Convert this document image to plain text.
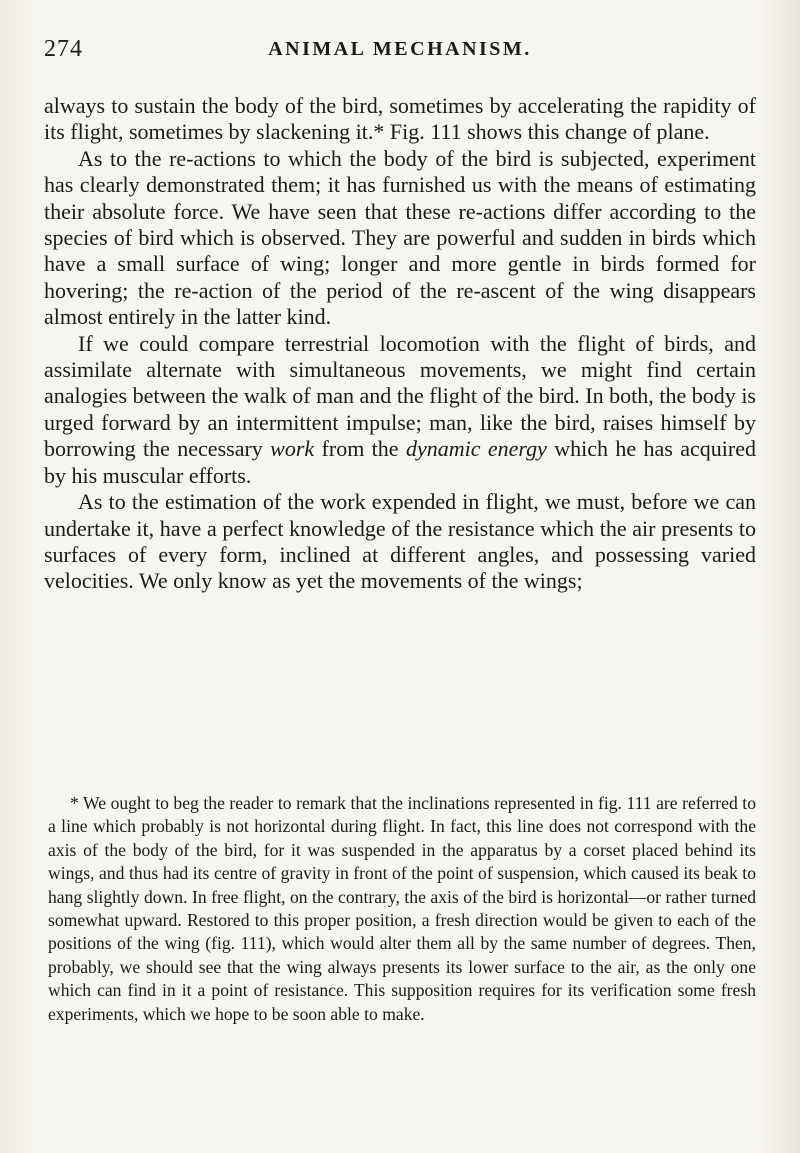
274	ANIMAL MECHANISM.

always to sustain the body of the bird, sometimes by accelerating the rapidity of its flight, sometimes by slackening it.* Fig. 111 shows this change of plane.

As to the re-actions to which the body of the bird is subjected, experiment has clearly demonstrated them; it has furnished us with the means of estimating their absolute force. We have seen that these re-actions differ according to the species of bird which is observed. They are powerful and sudden in birds which have a small surface of wing; longer and more gentle in birds formed for hovering; the re-action of the period of the re-ascent of the wing disappears almost entirely in the latter kind.

If we could compare terrestrial locomotion with the flight of birds, and assimilate alternate with simultaneous movements, we might find certain analogies between the walk of man and the flight of the bird. In both, the body is urged forward by an intermittent impulse; man, like the bird, raises himself by borrowing the necessary work from the dynamic energy which he has acquired by his muscular efforts.

As to the estimation of the work expended in flight, we must, before we can undertake it, have a perfect knowledge of the resistance which the air presents to surfaces of every form, inclined at different angles, and possessing varied velocities. We only know as yet the movements of the wings;

* We ought to beg the reader to remark that the inclinations represented in fig. 111 are referred to a line which probably is not horizontal during flight. In fact, this line does not correspond with the axis of the body of the bird, for it was suspended in the apparatus by a corset placed behind its wings, and thus had its centre of gravity in front of the point of suspension, which caused its beak to hang slightly down. In free flight, on the contrary, the axis of the bird is horizontal—or rather turned somewhat upward. Restored to this proper position, a fresh direction would be given to each of the positions of the wing (fig. 111), which would alter them all by the same number of degrees. Then, probably, we should see that the wing always presents its lower surface to the air, as the only one which can find in it a point of resistance. This supposition requires for its verification some fresh experiments, which we hope to be soon able to make.
